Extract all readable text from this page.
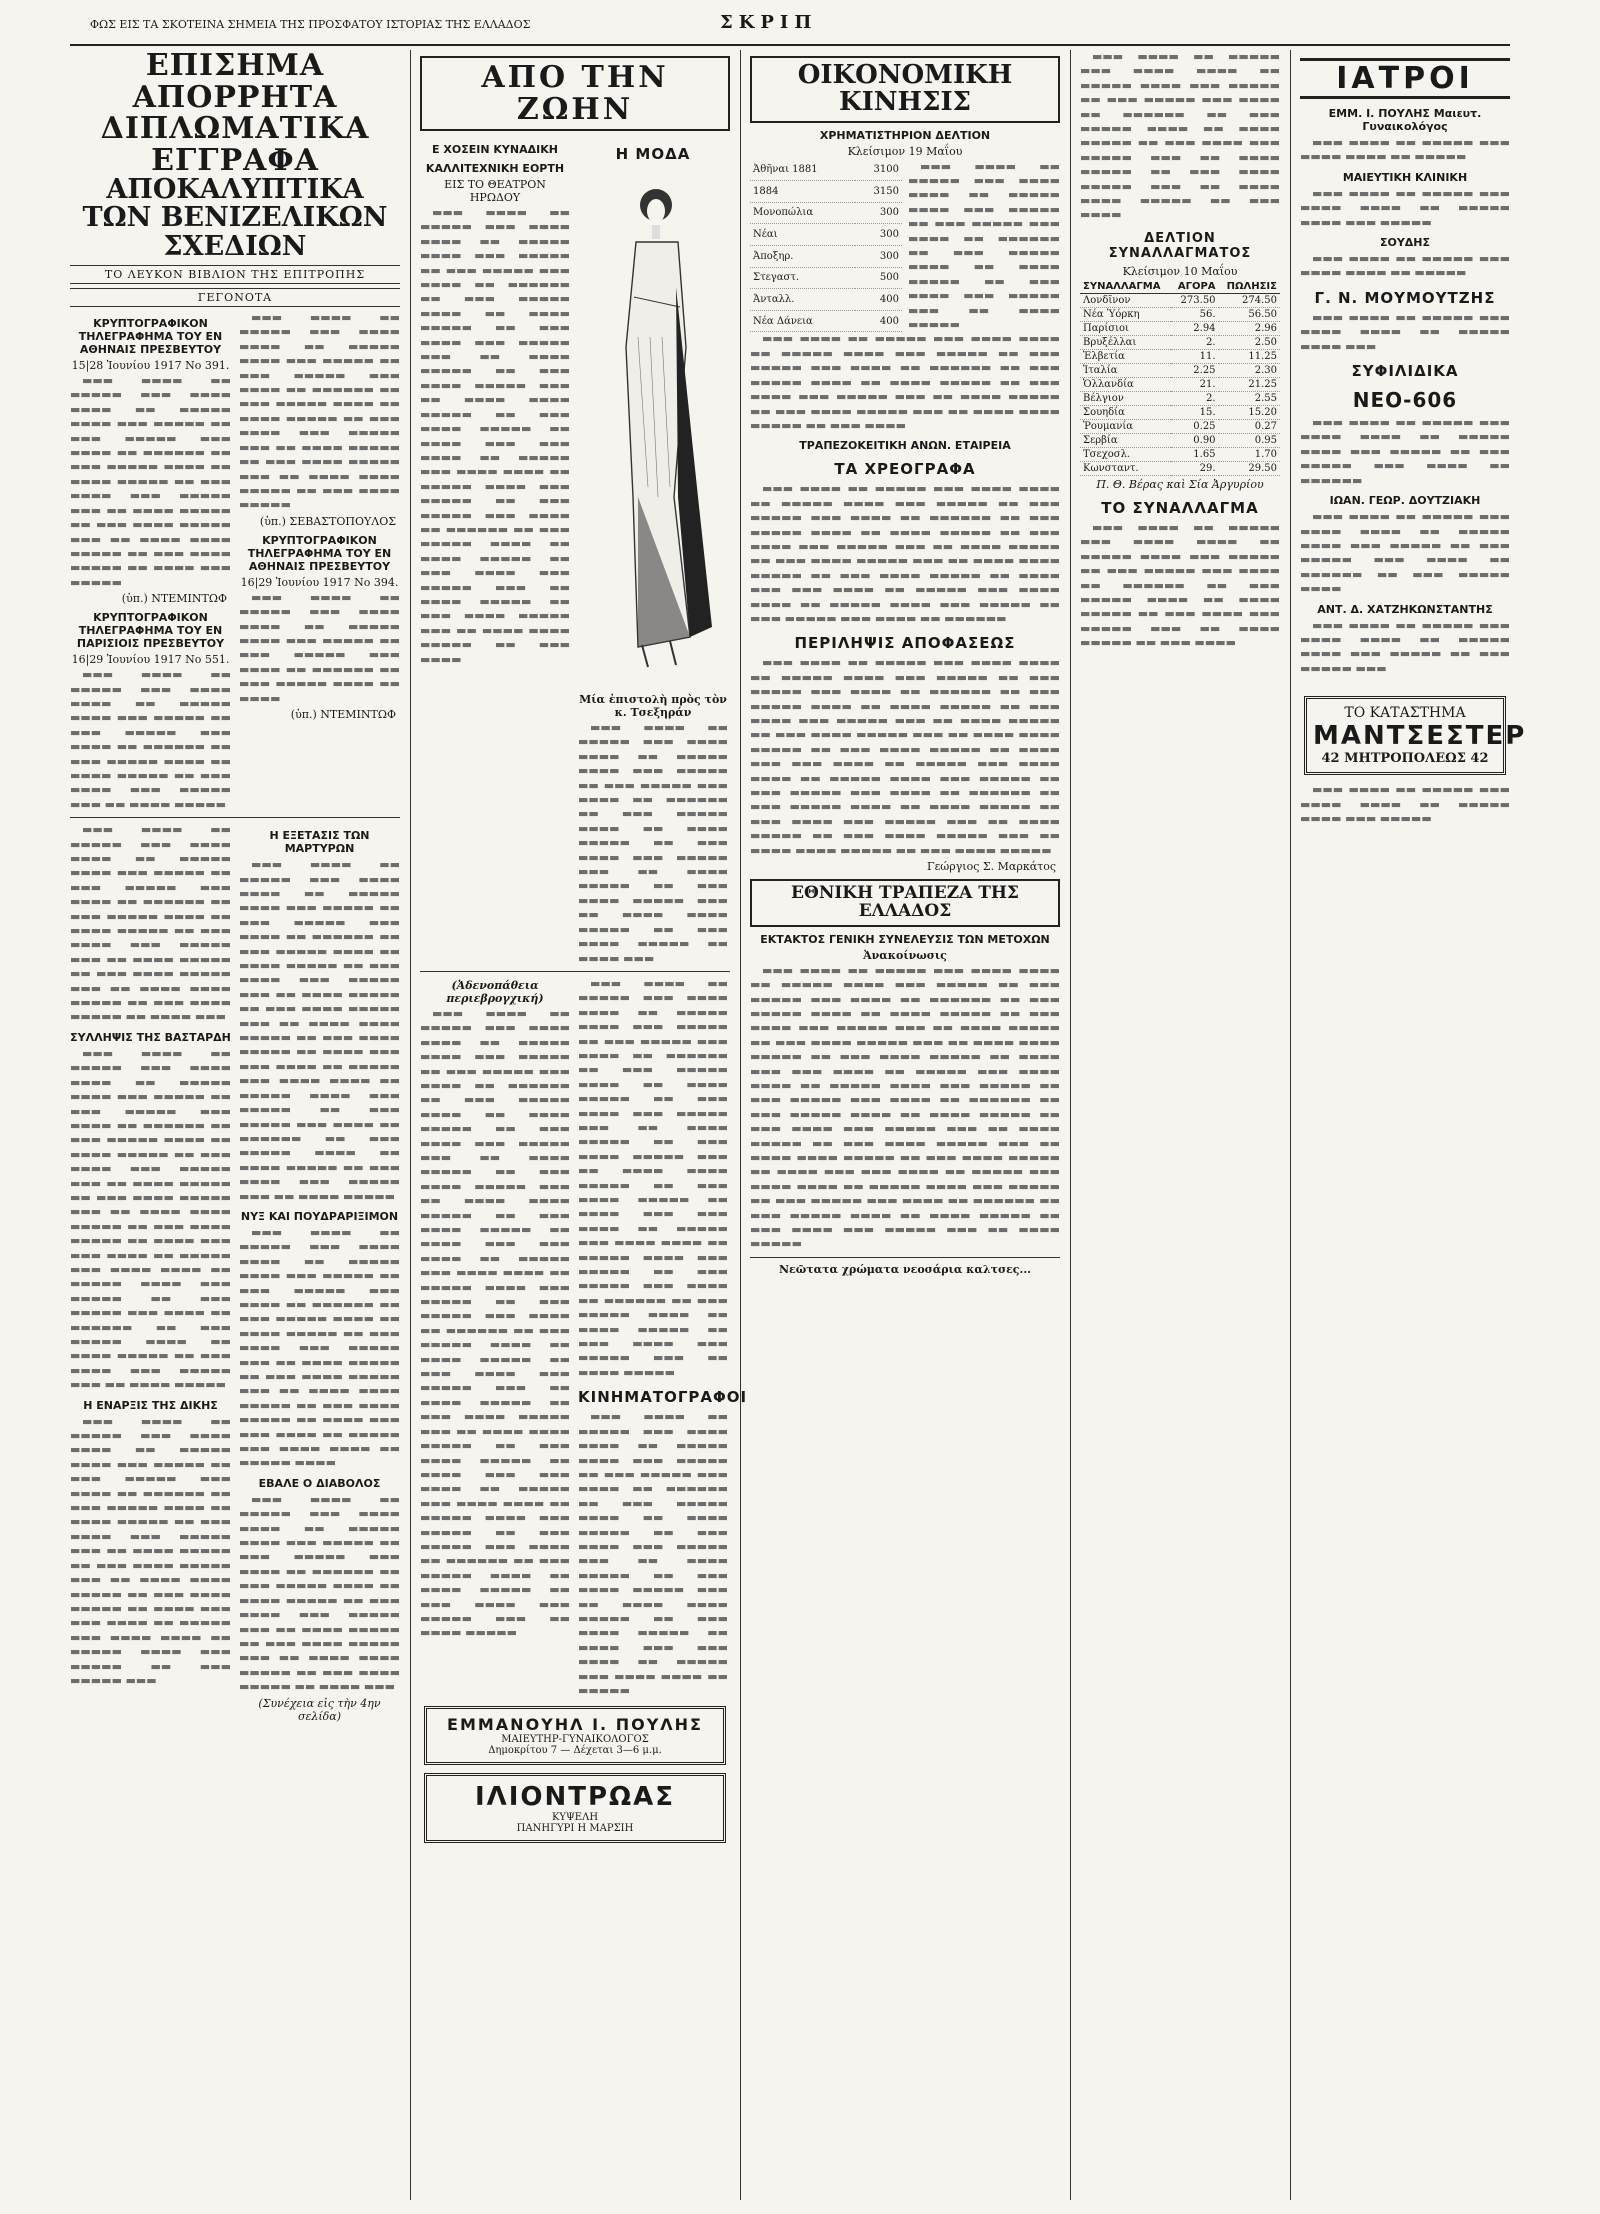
ΦΩΣ ΕΙΣ ΤΑ ΣΚΟΤΕΙΝΑ ΣΗΜΕΙΑ ΤΗΣ ΠΡΟΣΦΑΤΟΥ ΙΣΤΟΡΙΑΣ ΤΗΣ ΕΛΛΑΔΟΣ	ΣΚΡΙΠ
ΕΠΙΣΗΜΑ ΑΠΟΡΡΗΤΑ ΔΙΠΛΩΜΑΤΙΚΑ ΕΓΓΡΑΦΑ
ΑΠΟΚΑΛΥΠΤΙΚΑ ΤΩΝ ΒΕΝΙΖΕΛΙΚΩΝ ΣΧΕΔΙΩΝ
ΤΟ ΛΕΥΚΟΝ ΒΙΒΛΙΟΝ ΤΗΣ ΕΠΙΤΡΟΠΗΣ
ΓΕΓΟΝΟΤΑ
ΚΡΥΠΤΟΓΡΑΦΙΚΟΝ ΤΗΛΕΓΡΑΦΗΜΑ ΤΟΥ ΕΝ ΑΘΗΝΑΙΣ ΠΡΕΣΒΕΥΤΟΥ
15|28 Ἰουνίου 1917 No 391.

▬▬▬ ▬▬▬▬ ▬▬ ▬▬▬▬▬ ▬▬▬ ▬▬▬▬ ▬▬▬▬ ▬▬ ▬▬▬▬▬ ▬▬▬▬ ▬▬▬ ▬▬▬▬▬ ▬▬ ▬▬▬ ▬▬▬▬▬ ▬▬▬ ▬▬▬▬ ▬▬ ▬▬▬▬▬▬ ▬▬ ▬▬▬ ▬▬▬▬▬ ▬▬▬▬ ▬▬ ▬▬▬▬ ▬▬▬▬▬ ▬▬ ▬▬▬ ▬▬▬▬ ▬▬▬ ▬▬▬▬▬ ▬▬▬ ▬▬ ▬▬▬▬ ▬▬▬▬▬ ▬▬ ▬▬▬ ▬▬▬▬ ▬▬▬▬▬ ▬▬▬ ▬▬ ▬▬▬▬ ▬▬▬▬ ▬▬▬▬▬ ▬▬ ▬▬▬ ▬▬▬▬ ▬▬▬▬▬ ▬▬ ▬▬▬▬ ▬▬▬ ▬▬▬▬▬

(ὑπ.) ΝΤΕΜΙΝΤΩΦ
ΚΡΥΠΤΟΓΡΑΦΙΚΟΝ ΤΗΛΕΓΡΑΦΗΜΑ ΤΟΥ ΕΝ ΠΑΡΙΣΙΟΙΣ ΠΡΕΣΒΕΥΤΟΥ
16|29 Ἰουνίου 1917 No 551.

▬▬▬ ▬▬▬▬ ▬▬ ▬▬▬▬▬ ▬▬▬ ▬▬▬▬ ▬▬▬▬ ▬▬ ▬▬▬▬▬ ▬▬▬▬ ▬▬▬ ▬▬▬▬▬ ▬▬ ▬▬▬ ▬▬▬▬▬ ▬▬▬ ▬▬▬▬ ▬▬ ▬▬▬▬▬▬ ▬▬ ▬▬▬ ▬▬▬▬▬ ▬▬▬▬ ▬▬ ▬▬▬▬ ▬▬▬▬▬ ▬▬ ▬▬▬ ▬▬▬▬ ▬▬▬ ▬▬▬▬▬ ▬▬▬ ▬▬ ▬▬▬▬ ▬▬▬▬▬

▬▬▬ ▬▬▬▬ ▬▬ ▬▬▬▬▬ ▬▬▬ ▬▬▬▬ ▬▬▬▬ ▬▬ ▬▬▬▬▬ ▬▬▬▬ ▬▬▬ ▬▬▬▬▬ ▬▬ ▬▬▬ ▬▬▬▬▬ ▬▬▬ ▬▬▬▬ ▬▬ ▬▬▬▬▬▬ ▬▬ ▬▬▬ ▬▬▬▬▬ ▬▬▬▬ ▬▬ ▬▬▬▬ ▬▬▬▬▬ ▬▬ ▬▬▬ ▬▬▬▬ ▬▬▬ ▬▬▬▬▬ ▬▬▬ ▬▬ ▬▬▬▬ ▬▬▬▬▬ ▬▬ ▬▬▬ ▬▬▬▬ ▬▬▬▬▬ ▬▬▬ ▬▬ ▬▬▬▬ ▬▬▬▬ ▬▬▬▬▬ ▬▬ ▬▬▬ ▬▬▬▬ ▬▬▬▬▬

(ὑπ.) ΣΕΒΑΣΤΟΠΟΥΛΟΣ
ΚΡΥΠΤΟΓΡΑΦΙΚΟΝ ΤΗΛΕΓΡΑΦΗΜΑ ΤΟΥ ΕΝ ΑΘΗΝΑΙΣ ΠΡΕΣΒΕΥΤΟΥ
16|29 Ἰουνίου 1917 No 394.

▬▬▬ ▬▬▬▬ ▬▬ ▬▬▬▬▬ ▬▬▬ ▬▬▬▬ ▬▬▬▬ ▬▬ ▬▬▬▬▬ ▬▬▬▬ ▬▬▬ ▬▬▬▬▬ ▬▬ ▬▬▬ ▬▬▬▬▬ ▬▬▬ ▬▬▬▬ ▬▬ ▬▬▬▬▬▬ ▬▬ ▬▬▬ ▬▬▬▬▬ ▬▬▬▬ ▬▬ ▬▬▬▬

(ὑπ.) ΝΤΕΜΙΝΤΩΦ

▬▬▬ ▬▬▬▬ ▬▬ ▬▬▬▬▬ ▬▬▬ ▬▬▬▬ ▬▬▬▬ ▬▬ ▬▬▬▬▬ ▬▬▬▬ ▬▬▬ ▬▬▬▬▬ ▬▬ ▬▬▬ ▬▬▬▬▬ ▬▬▬ ▬▬▬▬ ▬▬ ▬▬▬▬▬▬ ▬▬ ▬▬▬ ▬▬▬▬▬ ▬▬▬▬ ▬▬ ▬▬▬▬ ▬▬▬▬▬ ▬▬ ▬▬▬ ▬▬▬▬ ▬▬▬ ▬▬▬▬▬ ▬▬▬ ▬▬ ▬▬▬▬ ▬▬▬▬▬ ▬▬ ▬▬▬ ▬▬▬▬ ▬▬▬▬▬ ▬▬▬ ▬▬ ▬▬▬▬ ▬▬▬▬ ▬▬▬▬▬ ▬▬ ▬▬▬ ▬▬▬▬ ▬▬▬▬▬ ▬▬ ▬▬▬▬ ▬▬▬

ΣΥΛΛΗΨΙΣ ΤΗΣ ΒΑΣΤΑΡΔΗ

▬▬▬ ▬▬▬▬ ▬▬ ▬▬▬▬▬ ▬▬▬ ▬▬▬▬ ▬▬▬▬ ▬▬ ▬▬▬▬▬ ▬▬▬▬ ▬▬▬ ▬▬▬▬▬ ▬▬ ▬▬▬ ▬▬▬▬▬ ▬▬▬ ▬▬▬▬ ▬▬ ▬▬▬▬▬▬ ▬▬ ▬▬▬ ▬▬▬▬▬ ▬▬▬▬ ▬▬ ▬▬▬▬ ▬▬▬▬▬ ▬▬ ▬▬▬ ▬▬▬▬ ▬▬▬ ▬▬▬▬▬ ▬▬▬ ▬▬ ▬▬▬▬ ▬▬▬▬▬ ▬▬ ▬▬▬ ▬▬▬▬ ▬▬▬▬▬ ▬▬▬ ▬▬ ▬▬▬▬ ▬▬▬▬ ▬▬▬▬▬ ▬▬ ▬▬▬ ▬▬▬▬ ▬▬▬▬▬ ▬▬ ▬▬▬▬ ▬▬▬ ▬▬▬ ▬▬▬▬ ▬▬ ▬▬▬▬▬ ▬▬▬ ▬▬▬▬ ▬▬▬▬ ▬▬ ▬▬▬▬▬ ▬▬▬▬ ▬▬▬ ▬▬▬▬▬ ▬▬ ▬▬▬ ▬▬▬▬▬ ▬▬▬ ▬▬▬▬ ▬▬ ▬▬▬▬▬▬ ▬▬ ▬▬▬ ▬▬▬▬▬ ▬▬▬▬ ▬▬ ▬▬▬▬ ▬▬▬▬▬ ▬▬ ▬▬▬ ▬▬▬▬ ▬▬▬ ▬▬▬▬▬ ▬▬▬ ▬▬ ▬▬▬▬ ▬▬▬▬▬

Η ΕΝΑΡΞΙΣ ΤΗΣ ΔΙΚΗΣ

▬▬▬ ▬▬▬▬ ▬▬ ▬▬▬▬▬ ▬▬▬ ▬▬▬▬ ▬▬▬▬ ▬▬ ▬▬▬▬▬ ▬▬▬▬ ▬▬▬ ▬▬▬▬▬ ▬▬ ▬▬▬ ▬▬▬▬▬ ▬▬▬ ▬▬▬▬ ▬▬ ▬▬▬▬▬▬ ▬▬ ▬▬▬ ▬▬▬▬▬ ▬▬▬▬ ▬▬ ▬▬▬▬ ▬▬▬▬▬ ▬▬ ▬▬▬ ▬▬▬▬ ▬▬▬ ▬▬▬▬▬ ▬▬▬ ▬▬ ▬▬▬▬ ▬▬▬▬▬ ▬▬ ▬▬▬ ▬▬▬▬ ▬▬▬▬▬ ▬▬▬ ▬▬ ▬▬▬▬ ▬▬▬▬ ▬▬▬▬▬ ▬▬ ▬▬▬ ▬▬▬▬ ▬▬▬▬▬ ▬▬ ▬▬▬▬ ▬▬▬ ▬▬▬ ▬▬▬▬ ▬▬ ▬▬▬▬▬ ▬▬▬ ▬▬▬▬ ▬▬▬▬ ▬▬ ▬▬▬▬▬ ▬▬▬▬ ▬▬▬ ▬▬▬▬▬ ▬▬ ▬▬▬ ▬▬▬▬▬ ▬▬▬

Η ΕΞΕΤΑΣΙΣ ΤΩΝ ΜΑΡΤΥΡΩΝ

▬▬▬ ▬▬▬▬ ▬▬ ▬▬▬▬▬ ▬▬▬ ▬▬▬▬ ▬▬▬▬ ▬▬ ▬▬▬▬▬ ▬▬▬▬ ▬▬▬ ▬▬▬▬▬ ▬▬ ▬▬▬ ▬▬▬▬▬ ▬▬▬ ▬▬▬▬ ▬▬ ▬▬▬▬▬▬ ▬▬ ▬▬▬ ▬▬▬▬▬ ▬▬▬▬ ▬▬ ▬▬▬▬ ▬▬▬▬▬ ▬▬ ▬▬▬ ▬▬▬▬ ▬▬▬ ▬▬▬▬▬ ▬▬▬ ▬▬ ▬▬▬▬ ▬▬▬▬▬ ▬▬ ▬▬▬ ▬▬▬▬ ▬▬▬▬▬ ▬▬▬ ▬▬ ▬▬▬▬ ▬▬▬▬ ▬▬▬▬▬ ▬▬ ▬▬▬ ▬▬▬▬ ▬▬▬▬▬ ▬▬ ▬▬▬▬ ▬▬▬ ▬▬▬ ▬▬▬▬ ▬▬ ▬▬▬▬▬ ▬▬▬ ▬▬▬▬ ▬▬▬▬ ▬▬ ▬▬▬▬▬ ▬▬▬▬ ▬▬▬ ▬▬▬▬▬ ▬▬ ▬▬▬ ▬▬▬▬▬ ▬▬▬ ▬▬▬▬ ▬▬ ▬▬▬▬▬▬ ▬▬ ▬▬▬ ▬▬▬▬▬ ▬▬▬▬ ▬▬ ▬▬▬▬ ▬▬▬▬▬ ▬▬ ▬▬▬ ▬▬▬▬ ▬▬▬ ▬▬▬▬▬ ▬▬▬ ▬▬ ▬▬▬▬ ▬▬▬▬▬

ΝΥΞ ΚΑΙ ΠΟΥΔΡΑΡΙΞΙΜΟΝ

▬▬▬ ▬▬▬▬ ▬▬ ▬▬▬▬▬ ▬▬▬ ▬▬▬▬ ▬▬▬▬ ▬▬ ▬▬▬▬▬ ▬▬▬▬ ▬▬▬ ▬▬▬▬▬ ▬▬ ▬▬▬ ▬▬▬▬▬ ▬▬▬ ▬▬▬▬ ▬▬ ▬▬▬▬▬▬ ▬▬ ▬▬▬ ▬▬▬▬▬ ▬▬▬▬ ▬▬ ▬▬▬▬ ▬▬▬▬▬ ▬▬ ▬▬▬ ▬▬▬▬ ▬▬▬ ▬▬▬▬▬ ▬▬▬ ▬▬ ▬▬▬▬ ▬▬▬▬▬ ▬▬ ▬▬▬ ▬▬▬▬ ▬▬▬▬▬ ▬▬▬ ▬▬ ▬▬▬▬ ▬▬▬▬ ▬▬▬▬▬ ▬▬ ▬▬▬ ▬▬▬▬ ▬▬▬▬▬ ▬▬ ▬▬▬▬ ▬▬▬ ▬▬▬ ▬▬▬▬ ▬▬ ▬▬▬▬▬ ▬▬▬ ▬▬▬▬ ▬▬▬▬ ▬▬ ▬▬▬▬▬ ▬▬▬▬

ΕΒΑΛΕ Ο ΔΙΑΒΟΛΟΣ

▬▬▬ ▬▬▬▬ ▬▬ ▬▬▬▬▬ ▬▬▬ ▬▬▬▬ ▬▬▬▬ ▬▬ ▬▬▬▬▬ ▬▬▬▬ ▬▬▬ ▬▬▬▬▬ ▬▬ ▬▬▬ ▬▬▬▬▬ ▬▬▬ ▬▬▬▬ ▬▬ ▬▬▬▬▬▬ ▬▬ ▬▬▬ ▬▬▬▬▬ ▬▬▬▬ ▬▬ ▬▬▬▬ ▬▬▬▬▬ ▬▬ ▬▬▬ ▬▬▬▬ ▬▬▬ ▬▬▬▬▬ ▬▬▬ ▬▬ ▬▬▬▬ ▬▬▬▬▬ ▬▬ ▬▬▬ ▬▬▬▬ ▬▬▬▬▬ ▬▬▬ ▬▬ ▬▬▬▬ ▬▬▬▬ ▬▬▬▬▬ ▬▬ ▬▬▬ ▬▬▬▬ ▬▬▬▬▬ ▬▬ ▬▬▬▬ ▬▬▬

(Συνέχεια εἰς τὴν 4ην σελίδα)
ΑΠΟ ΤΗΝ ΖΩΗΝ
Ε ΧΟΣΕΙΝ ΚΥΝΑΔΙΚΗ
ΚΑΛΛΙΤΕΧΝΙΚΗ ΕΟΡΤΗ
ΕΙΣ ΤΟ ΘΕΑΤΡΟΝ ΗΡΩΔΟΥ

▬▬▬ ▬▬▬▬ ▬▬ ▬▬▬▬▬ ▬▬▬ ▬▬▬▬ ▬▬▬▬ ▬▬ ▬▬▬▬▬ ▬▬▬▬ ▬▬▬ ▬▬▬▬▬ ▬▬ ▬▬▬ ▬▬▬▬▬ ▬▬▬ ▬▬▬▬ ▬▬ ▬▬▬▬▬▬ ▬▬ ▬▬▬ ▬▬▬▬▬ ▬▬▬▬ ▬▬ ▬▬▬▬ ▬▬▬▬▬ ▬▬ ▬▬▬ ▬▬▬▬ ▬▬▬ ▬▬▬▬▬ ▬▬▬ ▬▬ ▬▬▬▬ ▬▬▬▬▬ ▬▬ ▬▬▬ ▬▬▬▬ ▬▬▬▬▬ ▬▬▬ ▬▬ ▬▬▬▬ ▬▬▬▬ ▬▬▬▬▬ ▬▬ ▬▬▬ ▬▬▬▬ ▬▬▬▬▬ ▬▬ ▬▬▬▬ ▬▬▬ ▬▬▬ ▬▬▬▬ ▬▬ ▬▬▬▬▬ ▬▬▬ ▬▬▬▬ ▬▬▬▬ ▬▬ ▬▬▬▬▬ ▬▬▬▬ ▬▬▬ ▬▬▬▬▬ ▬▬ ▬▬▬ ▬▬▬▬▬ ▬▬▬ ▬▬▬▬ ▬▬ ▬▬▬▬▬▬ ▬▬ ▬▬▬ ▬▬▬▬▬ ▬▬▬▬ ▬▬ ▬▬▬▬ ▬▬▬▬▬ ▬▬ ▬▬▬ ▬▬▬▬ ▬▬▬ ▬▬▬▬▬ ▬▬▬ ▬▬ ▬▬▬▬ ▬▬▬▬▬ ▬▬ ▬▬▬ ▬▬▬▬ ▬▬▬▬▬ ▬▬▬ ▬▬ ▬▬▬▬ ▬▬▬▬ ▬▬▬▬▬ ▬▬ ▬▬▬ ▬▬▬▬

Η ΜΟΔΑ
Μία ἐπιστολὴ πρὸς τὸν κ. Τσεξηράν

▬▬▬ ▬▬▬▬ ▬▬ ▬▬▬▬▬ ▬▬▬ ▬▬▬▬ ▬▬▬▬ ▬▬ ▬▬▬▬▬ ▬▬▬▬ ▬▬▬ ▬▬▬▬▬ ▬▬ ▬▬▬ ▬▬▬▬▬ ▬▬▬ ▬▬▬▬ ▬▬ ▬▬▬▬▬▬ ▬▬ ▬▬▬ ▬▬▬▬▬ ▬▬▬▬ ▬▬ ▬▬▬▬ ▬▬▬▬▬ ▬▬ ▬▬▬ ▬▬▬▬ ▬▬▬ ▬▬▬▬▬ ▬▬▬ ▬▬ ▬▬▬▬ ▬▬▬▬▬ ▬▬ ▬▬▬ ▬▬▬▬ ▬▬▬▬▬ ▬▬▬ ▬▬ ▬▬▬▬ ▬▬▬▬ ▬▬▬▬▬ ▬▬ ▬▬▬ ▬▬▬▬ ▬▬▬▬▬ ▬▬ ▬▬▬▬ ▬▬▬

(Ἀδενοπάθεια περιεβρογχική)

▬▬▬ ▬▬▬▬ ▬▬ ▬▬▬▬▬ ▬▬▬ ▬▬▬▬ ▬▬▬▬ ▬▬ ▬▬▬▬▬ ▬▬▬▬ ▬▬▬ ▬▬▬▬▬ ▬▬ ▬▬▬ ▬▬▬▬▬ ▬▬▬ ▬▬▬▬ ▬▬ ▬▬▬▬▬▬ ▬▬ ▬▬▬ ▬▬▬▬▬ ▬▬▬▬ ▬▬ ▬▬▬▬ ▬▬▬▬▬ ▬▬ ▬▬▬ ▬▬▬▬ ▬▬▬ ▬▬▬▬▬ ▬▬▬ ▬▬ ▬▬▬▬ ▬▬▬▬▬ ▬▬ ▬▬▬ ▬▬▬▬ ▬▬▬▬▬ ▬▬▬ ▬▬ ▬▬▬▬ ▬▬▬▬ ▬▬▬▬▬ ▬▬ ▬▬▬ ▬▬▬▬ ▬▬▬▬▬ ▬▬ ▬▬▬▬ ▬▬▬ ▬▬▬ ▬▬▬▬ ▬▬ ▬▬▬▬▬ ▬▬▬ ▬▬▬▬ ▬▬▬▬ ▬▬ ▬▬▬▬▬ ▬▬▬▬ ▬▬▬ ▬▬▬▬▬ ▬▬ ▬▬▬ ▬▬▬▬▬ ▬▬▬ ▬▬▬▬ ▬▬ ▬▬▬▬▬▬ ▬▬ ▬▬▬ ▬▬▬▬▬ ▬▬▬▬ ▬▬ ▬▬▬▬ ▬▬▬▬▬ ▬▬ ▬▬▬ ▬▬▬▬ ▬▬▬ ▬▬▬▬▬ ▬▬▬ ▬▬ ▬▬▬▬ ▬▬▬▬▬ ▬▬ ▬▬▬ ▬▬▬▬ ▬▬▬▬▬ ▬▬▬ ▬▬ ▬▬▬▬ ▬▬▬▬ ▬▬▬▬▬ ▬▬ ▬▬▬ ▬▬▬▬ ▬▬▬▬▬ ▬▬ ▬▬▬▬ ▬▬▬ ▬▬▬ ▬▬▬▬ ▬▬ ▬▬▬▬▬ ▬▬▬ ▬▬▬▬ ▬▬▬▬ ▬▬ ▬▬▬▬▬ ▬▬▬▬ ▬▬▬ ▬▬▬▬▬ ▬▬ ▬▬▬ ▬▬▬▬▬ ▬▬▬ ▬▬▬▬ ▬▬ ▬▬▬▬▬▬ ▬▬ ▬▬▬ ▬▬▬▬▬ ▬▬▬▬ ▬▬ ▬▬▬▬ ▬▬▬▬▬ ▬▬ ▬▬▬ ▬▬▬▬ ▬▬▬ ▬▬▬▬▬ ▬▬▬ ▬▬ ▬▬▬▬ ▬▬▬▬▬

▬▬▬ ▬▬▬▬ ▬▬ ▬▬▬▬▬ ▬▬▬ ▬▬▬▬ ▬▬▬▬ ▬▬ ▬▬▬▬▬ ▬▬▬▬ ▬▬▬ ▬▬▬▬▬ ▬▬ ▬▬▬ ▬▬▬▬▬ ▬▬▬ ▬▬▬▬ ▬▬ ▬▬▬▬▬▬ ▬▬ ▬▬▬ ▬▬▬▬▬ ▬▬▬▬ ▬▬ ▬▬▬▬ ▬▬▬▬▬ ▬▬ ▬▬▬ ▬▬▬▬ ▬▬▬ ▬▬▬▬▬ ▬▬▬ ▬▬ ▬▬▬▬ ▬▬▬▬▬ ▬▬ ▬▬▬ ▬▬▬▬ ▬▬▬▬▬ ▬▬▬ ▬▬ ▬▬▬▬ ▬▬▬▬ ▬▬▬▬▬ ▬▬ ▬▬▬ ▬▬▬▬ ▬▬▬▬▬ ▬▬ ▬▬▬▬ ▬▬▬ ▬▬▬ ▬▬▬▬ ▬▬ ▬▬▬▬▬ ▬▬▬ ▬▬▬▬ ▬▬▬▬ ▬▬ ▬▬▬▬▬ ▬▬▬▬ ▬▬▬ ▬▬▬▬▬ ▬▬ ▬▬▬ ▬▬▬▬▬ ▬▬▬ ▬▬▬▬ ▬▬ ▬▬▬▬▬▬ ▬▬ ▬▬▬ ▬▬▬▬▬ ▬▬▬▬ ▬▬ ▬▬▬▬ ▬▬▬▬▬ ▬▬ ▬▬▬ ▬▬▬▬ ▬▬▬ ▬▬▬▬▬ ▬▬▬ ▬▬ ▬▬▬▬ ▬▬▬▬▬

ΚΙΝΗΜΑΤΟΓΡΑΦΟΙ

▬▬▬ ▬▬▬▬ ▬▬ ▬▬▬▬▬ ▬▬▬ ▬▬▬▬ ▬▬▬▬ ▬▬ ▬▬▬▬▬ ▬▬▬▬ ▬▬▬ ▬▬▬▬▬ ▬▬ ▬▬▬ ▬▬▬▬▬ ▬▬▬ ▬▬▬▬ ▬▬ ▬▬▬▬▬▬ ▬▬ ▬▬▬ ▬▬▬▬▬ ▬▬▬▬ ▬▬ ▬▬▬▬ ▬▬▬▬▬ ▬▬ ▬▬▬ ▬▬▬▬ ▬▬▬ ▬▬▬▬▬ ▬▬▬ ▬▬ ▬▬▬▬ ▬▬▬▬▬ ▬▬ ▬▬▬ ▬▬▬▬ ▬▬▬▬▬ ▬▬▬ ▬▬ ▬▬▬▬ ▬▬▬▬ ▬▬▬▬▬ ▬▬ ▬▬▬ ▬▬▬▬ ▬▬▬▬▬ ▬▬ ▬▬▬▬ ▬▬▬ ▬▬▬ ▬▬▬▬ ▬▬ ▬▬▬▬▬ ▬▬▬ ▬▬▬▬ ▬▬▬▬ ▬▬ ▬▬▬▬▬

ΕΜΜΑΝΟΥΗΛ Ι. ΠΟΥΛΗΣ
ΜΑΙΕΥΤΗΡ-ΓΥΝΑΙΚΟΛΟΓΟΣ
Δημοκρίτου 7 — Δέχεται 3—6 μ.μ.
ΙΛΙΟΝΤΡΩΑΣ
ΚΥΨΕΛΗ
ΠΑΝΗΓΥΡΙ Η ΜΑΡΣΙΗ
ΟΙΚΟΝΟΜΙΚΗ ΚΙΝΗΣΙΣ
ΧΡΗΜΑΤΙΣΤΗΡΙΟΝ ΔΕΛΤΙΟΝ
Κλείσιμον 19 Μαΐου
Ἀθῆναι 1881	3100
1884	3150
Μονοπώλια	300
Νέαι	300
Ἀποξηρ.	300
Στεγαστ.	500
Ἀνταλλ.	400
Νέα Δάνεια	400

▬▬▬ ▬▬▬▬ ▬▬ ▬▬▬▬▬ ▬▬▬ ▬▬▬▬ ▬▬▬▬ ▬▬ ▬▬▬▬▬ ▬▬▬▬ ▬▬▬ ▬▬▬▬▬ ▬▬ ▬▬▬ ▬▬▬▬▬ ▬▬▬ ▬▬▬▬ ▬▬ ▬▬▬▬▬▬ ▬▬ ▬▬▬ ▬▬▬▬▬ ▬▬▬▬ ▬▬ ▬▬▬▬ ▬▬▬▬▬ ▬▬ ▬▬▬ ▬▬▬▬ ▬▬▬ ▬▬▬▬▬ ▬▬▬ ▬▬ ▬▬▬▬ ▬▬▬▬▬

▬▬▬ ▬▬▬▬ ▬▬ ▬▬▬▬▬ ▬▬▬ ▬▬▬▬ ▬▬▬▬ ▬▬ ▬▬▬▬▬ ▬▬▬▬ ▬▬▬ ▬▬▬▬▬ ▬▬ ▬▬▬ ▬▬▬▬▬ ▬▬▬ ▬▬▬▬ ▬▬ ▬▬▬▬▬▬ ▬▬ ▬▬▬ ▬▬▬▬▬ ▬▬▬▬ ▬▬ ▬▬▬▬ ▬▬▬▬▬ ▬▬ ▬▬▬ ▬▬▬▬ ▬▬▬ ▬▬▬▬▬ ▬▬▬ ▬▬ ▬▬▬▬ ▬▬▬▬▬ ▬▬ ▬▬▬ ▬▬▬▬ ▬▬▬▬▬ ▬▬▬ ▬▬ ▬▬▬▬ ▬▬▬▬ ▬▬▬▬▬ ▬▬ ▬▬▬ ▬▬▬▬

ΤΡΑΠΕΖΟΚΕΙΤΙΚΗ ΑΝΩΝ. ΕΤΑΙΡΕΙΑ
ΤΑ ΧΡΕΟΓΡΑΦΑ

▬▬▬ ▬▬▬▬ ▬▬ ▬▬▬▬▬ ▬▬▬ ▬▬▬▬ ▬▬▬▬ ▬▬ ▬▬▬▬▬ ▬▬▬▬ ▬▬▬ ▬▬▬▬▬ ▬▬ ▬▬▬ ▬▬▬▬▬ ▬▬▬ ▬▬▬▬ ▬▬ ▬▬▬▬▬▬ ▬▬ ▬▬▬ ▬▬▬▬▬ ▬▬▬▬ ▬▬ ▬▬▬▬ ▬▬▬▬▬ ▬▬ ▬▬▬ ▬▬▬▬ ▬▬▬ ▬▬▬▬▬ ▬▬▬ ▬▬ ▬▬▬▬ ▬▬▬▬▬ ▬▬ ▬▬▬ ▬▬▬▬ ▬▬▬▬▬ ▬▬▬ ▬▬ ▬▬▬▬ ▬▬▬▬ ▬▬▬▬▬ ▬▬ ▬▬▬ ▬▬▬▬ ▬▬▬▬▬ ▬▬ ▬▬▬▬ ▬▬▬ ▬▬▬ ▬▬▬▬ ▬▬ ▬▬▬▬▬ ▬▬▬ ▬▬▬▬ ▬▬▬▬ ▬▬ ▬▬▬▬▬ ▬▬▬▬ ▬▬▬ ▬▬▬▬▬ ▬▬ ▬▬▬ ▬▬▬▬▬ ▬▬▬ ▬▬▬▬ ▬▬ ▬▬▬▬▬▬

ΠΕΡΙΛΗΨΙΣ ΑΠΟΦΑΣΕΩΣ

▬▬▬ ▬▬▬▬ ▬▬ ▬▬▬▬▬ ▬▬▬ ▬▬▬▬ ▬▬▬▬ ▬▬ ▬▬▬▬▬ ▬▬▬▬ ▬▬▬ ▬▬▬▬▬ ▬▬ ▬▬▬ ▬▬▬▬▬ ▬▬▬ ▬▬▬▬ ▬▬ ▬▬▬▬▬▬ ▬▬ ▬▬▬ ▬▬▬▬▬ ▬▬▬▬ ▬▬ ▬▬▬▬ ▬▬▬▬▬ ▬▬ ▬▬▬ ▬▬▬▬ ▬▬▬ ▬▬▬▬▬ ▬▬▬ ▬▬ ▬▬▬▬ ▬▬▬▬▬ ▬▬ ▬▬▬ ▬▬▬▬ ▬▬▬▬▬ ▬▬▬ ▬▬ ▬▬▬▬ ▬▬▬▬ ▬▬▬▬▬ ▬▬ ▬▬▬ ▬▬▬▬ ▬▬▬▬▬ ▬▬ ▬▬▬▬ ▬▬▬ ▬▬▬ ▬▬▬▬ ▬▬ ▬▬▬▬▬ ▬▬▬ ▬▬▬▬ ▬▬▬▬ ▬▬ ▬▬▬▬▬ ▬▬▬▬ ▬▬▬ ▬▬▬▬▬ ▬▬ ▬▬▬ ▬▬▬▬▬ ▬▬▬ ▬▬▬▬ ▬▬ ▬▬▬▬▬▬ ▬▬ ▬▬▬ ▬▬▬▬▬ ▬▬▬▬ ▬▬ ▬▬▬▬ ▬▬▬▬▬ ▬▬ ▬▬▬ ▬▬▬▬ ▬▬▬ ▬▬▬▬▬ ▬▬▬ ▬▬ ▬▬▬▬ ▬▬▬▬▬ ▬▬ ▬▬▬ ▬▬▬▬ ▬▬▬▬▬ ▬▬▬ ▬▬ ▬▬▬▬ ▬▬▬▬ ▬▬▬▬▬ ▬▬ ▬▬▬ ▬▬▬▬ ▬▬▬▬▬

Γεώργιος Σ. Μαρκάτος
ΕΘΝΙΚΗ ΤΡΑΠΕΖΑ ΤΗΣ ΕΛΛΑΔΟΣ
ΕΚΤΑΚΤΟΣ ΓΕΝΙΚΗ ΣΥΝΕΛΕΥΣΙΣ ΤΩΝ ΜΕΤΟΧΩΝ
Ἀνακοίνωσις

▬▬▬ ▬▬▬▬ ▬▬ ▬▬▬▬▬ ▬▬▬ ▬▬▬▬ ▬▬▬▬ ▬▬ ▬▬▬▬▬ ▬▬▬▬ ▬▬▬ ▬▬▬▬▬ ▬▬ ▬▬▬ ▬▬▬▬▬ ▬▬▬ ▬▬▬▬ ▬▬ ▬▬▬▬▬▬ ▬▬ ▬▬▬ ▬▬▬▬▬ ▬▬▬▬ ▬▬ ▬▬▬▬ ▬▬▬▬▬ ▬▬ ▬▬▬ ▬▬▬▬ ▬▬▬ ▬▬▬▬▬ ▬▬▬ ▬▬ ▬▬▬▬ ▬▬▬▬▬ ▬▬ ▬▬▬ ▬▬▬▬ ▬▬▬▬▬ ▬▬▬ ▬▬ ▬▬▬▬ ▬▬▬▬ ▬▬▬▬▬ ▬▬ ▬▬▬ ▬▬▬▬ ▬▬▬▬▬ ▬▬ ▬▬▬▬ ▬▬▬ ▬▬▬ ▬▬▬▬ ▬▬ ▬▬▬▬▬ ▬▬▬ ▬▬▬▬ ▬▬▬▬ ▬▬ ▬▬▬▬▬ ▬▬▬▬ ▬▬▬ ▬▬▬▬▬ ▬▬ ▬▬▬ ▬▬▬▬▬ ▬▬▬ ▬▬▬▬ ▬▬ ▬▬▬▬▬▬ ▬▬ ▬▬▬ ▬▬▬▬▬ ▬▬▬▬ ▬▬ ▬▬▬▬ ▬▬▬▬▬ ▬▬ ▬▬▬ ▬▬▬▬ ▬▬▬ ▬▬▬▬▬ ▬▬▬ ▬▬ ▬▬▬▬ ▬▬▬▬▬ ▬▬ ▬▬▬ ▬▬▬▬ ▬▬▬▬▬ ▬▬▬ ▬▬ ▬▬▬▬ ▬▬▬▬ ▬▬▬▬▬ ▬▬ ▬▬▬ ▬▬▬▬ ▬▬▬▬▬ ▬▬ ▬▬▬▬ ▬▬▬ ▬▬▬ ▬▬▬▬ ▬▬ ▬▬▬▬▬ ▬▬▬ ▬▬▬▬ ▬▬▬▬ ▬▬ ▬▬▬▬▬ ▬▬▬▬ ▬▬▬ ▬▬▬▬▬ ▬▬ ▬▬▬ ▬▬▬▬▬ ▬▬▬ ▬▬▬▬ ▬▬ ▬▬▬▬▬▬ ▬▬ ▬▬▬ ▬▬▬▬▬ ▬▬▬▬ ▬▬ ▬▬▬▬ ▬▬▬▬▬ ▬▬ ▬▬▬ ▬▬▬▬ ▬▬▬ ▬▬▬▬▬ ▬▬▬ ▬▬ ▬▬▬▬ ▬▬▬▬▬

Νεῶτατα χρώματα νεοσάρια καλτσες...

▬▬▬ ▬▬▬▬ ▬▬ ▬▬▬▬▬ ▬▬▬ ▬▬▬▬ ▬▬▬▬ ▬▬ ▬▬▬▬▬ ▬▬▬▬ ▬▬▬ ▬▬▬▬▬ ▬▬ ▬▬▬ ▬▬▬▬▬ ▬▬▬ ▬▬▬▬ ▬▬ ▬▬▬▬▬▬ ▬▬ ▬▬▬ ▬▬▬▬▬ ▬▬▬▬ ▬▬ ▬▬▬▬ ▬▬▬▬▬ ▬▬ ▬▬▬ ▬▬▬▬ ▬▬▬ ▬▬▬▬▬ ▬▬▬ ▬▬ ▬▬▬▬ ▬▬▬▬▬ ▬▬ ▬▬▬ ▬▬▬▬ ▬▬▬▬▬ ▬▬▬ ▬▬ ▬▬▬▬ ▬▬▬▬ ▬▬▬▬▬ ▬▬ ▬▬▬ ▬▬▬▬

ΔΕΛΤΙΟΝ ΣΥΝΑΛΛΑΓΜΑΤΟΣ
Κλείσιμον 10 Μαΐου
ΣΥΝΑΛΛΑΓΜΑ	ΑΓΟΡΑ	ΠΩΛΗΣΙΣ
Λονδῖνον	273.50	274.50
Νέα Ὑόρκη	56.	56.50
Παρίσιοι	2.94	2.96
Βρυξέλλαι	2.	2.50
Ἑλβετία	11.	11.25
Ἰταλία	2.25	2.30
Ὁλλανδία	21.	21.25
Βέλγιον	2.	2.55
Σουηδία	15.	15.20
Ῥουμανία	0.25	0.27
Σερβία	0.90	0.95
Τσεχοσλ.	1.65	1.70
Κωνσταντ.	29.	29.50
Π. Θ. Βέρας καὶ Σία Ἀργυρίου
ΤΟ ΣΥΝΑΛΛΑΓΜΑ

▬▬▬ ▬▬▬▬ ▬▬ ▬▬▬▬▬ ▬▬▬ ▬▬▬▬ ▬▬▬▬ ▬▬ ▬▬▬▬▬ ▬▬▬▬ ▬▬▬ ▬▬▬▬▬ ▬▬ ▬▬▬ ▬▬▬▬▬ ▬▬▬ ▬▬▬▬ ▬▬ ▬▬▬▬▬▬ ▬▬ ▬▬▬ ▬▬▬▬▬ ▬▬▬▬ ▬▬ ▬▬▬▬ ▬▬▬▬▬ ▬▬ ▬▬▬ ▬▬▬▬ ▬▬▬ ▬▬▬▬▬ ▬▬▬ ▬▬ ▬▬▬▬ ▬▬▬▬▬ ▬▬ ▬▬▬ ▬▬▬▬

ΙΑΤΡΟΙ
ΕΜΜ. Ι. ΠΟΥΛΗΣ Μαιευτ. Γυναικολόγος

▬▬▬ ▬▬▬▬ ▬▬ ▬▬▬▬▬ ▬▬▬ ▬▬▬▬ ▬▬▬▬ ▬▬ ▬▬▬▬▬

ΜΑΙΕΥΤΙΚΗ ΚΛΙΝΙΚΗ

▬▬▬ ▬▬▬▬ ▬▬ ▬▬▬▬▬ ▬▬▬ ▬▬▬▬ ▬▬▬▬ ▬▬ ▬▬▬▬▬ ▬▬▬▬ ▬▬▬ ▬▬▬▬▬

ΣΟΥΔΗΣ

▬▬▬ ▬▬▬▬ ▬▬ ▬▬▬▬▬ ▬▬▬ ▬▬▬▬ ▬▬▬▬ ▬▬ ▬▬▬▬▬

Γ. Ν. ΜΟΥΜΟΥΤΖΗΣ

▬▬▬ ▬▬▬▬ ▬▬ ▬▬▬▬▬ ▬▬▬ ▬▬▬▬ ▬▬▬▬ ▬▬ ▬▬▬▬▬ ▬▬▬▬ ▬▬▬

ΣΥΦΙΛΙΔΙΚΑ
ΝΕΟ-606

▬▬▬ ▬▬▬▬ ▬▬ ▬▬▬▬▬ ▬▬▬ ▬▬▬▬ ▬▬▬▬ ▬▬ ▬▬▬▬▬ ▬▬▬▬ ▬▬▬ ▬▬▬▬▬ ▬▬ ▬▬▬ ▬▬▬▬▬ ▬▬▬ ▬▬▬▬ ▬▬ ▬▬▬▬▬▬

ΙΩΑΝ. ΓΕΩΡ. ΔΟΥΤΖΙΑΚΗ

▬▬▬ ▬▬▬▬ ▬▬ ▬▬▬▬▬ ▬▬▬ ▬▬▬▬ ▬▬▬▬ ▬▬ ▬▬▬▬▬ ▬▬▬▬ ▬▬▬ ▬▬▬▬▬ ▬▬ ▬▬▬ ▬▬▬▬▬ ▬▬▬ ▬▬▬▬ ▬▬ ▬▬▬▬▬▬ ▬▬ ▬▬▬ ▬▬▬▬▬ ▬▬▬▬

ΑΝΤ. Δ. ΧΑΤΖΗΚΩΝΣΤΑΝΤΗΣ

▬▬▬ ▬▬▬▬ ▬▬ ▬▬▬▬▬ ▬▬▬ ▬▬▬▬ ▬▬▬▬ ▬▬ ▬▬▬▬▬ ▬▬▬▬ ▬▬▬ ▬▬▬▬▬ ▬▬ ▬▬▬ ▬▬▬▬▬ ▬▬▬

ΤΟ ΚΑΤΑΣΤΗΜΑ
ΜΑΝΤΣΕΣΤΕΡ
42 ΜΗΤΡΟΠΟΛΕΩΣ 42

▬▬▬ ▬▬▬▬ ▬▬ ▬▬▬▬▬ ▬▬▬ ▬▬▬▬ ▬▬▬▬ ▬▬ ▬▬▬▬▬ ▬▬▬▬ ▬▬▬ ▬▬▬▬▬
